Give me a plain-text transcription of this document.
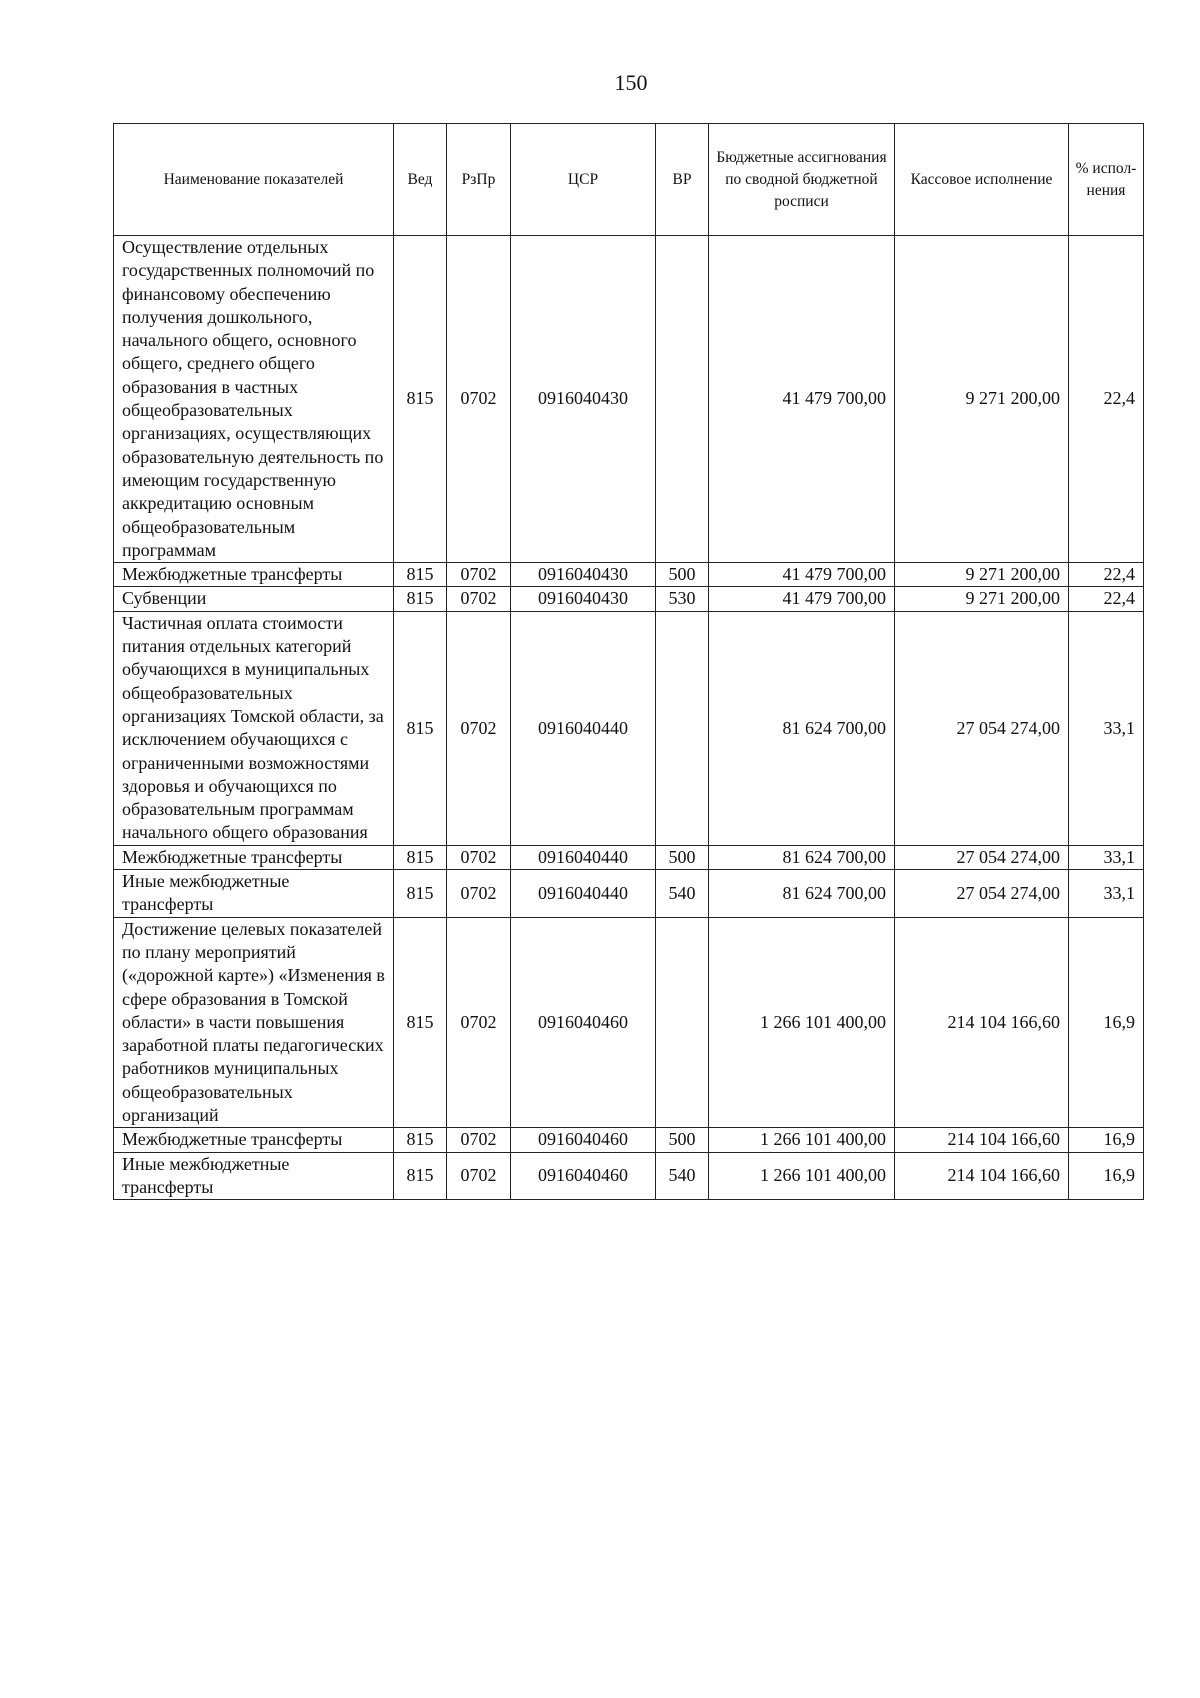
150
Наименование показателей	Вед	РзПр	ЦСР	ВР	Бюджетные ассигнования по сводной бюджетной росписи	Кассовое исполнение	% испол-нения
Осуществление отдельных государственных полномочий по финансовому обеспечению получения дошкольного, начального общего, основного общего, среднего общего образования в частных общеобразовательных организациях, осуществляющих образовательную деятельность по имеющим государственную аккредитацию основным общеобразовательным программам	815	0702	0916040430		41 479 700,00	9 271 200,00	22,4
Межбюджетные трансферты	815	0702	0916040430	500	41 479 700,00	9 271 200,00	22,4
Субвенции	815	0702	0916040430	530	41 479 700,00	9 271 200,00	22,4
Частичная оплата стоимости питания отдельных категорий обучающихся в муниципальных общеобразовательных организациях Томской области, за исключением обучающихся с ограниченными возможностями здоровья и обучающихся по образовательным программам начального общего образования	815	0702	0916040440		81 624 700,00	27 054 274,00	33,1
Межбюджетные трансферты	815	0702	0916040440	500	81 624 700,00	27 054 274,00	33,1
Иные межбюджетные трансферты	815	0702	0916040440	540	81 624 700,00	27 054 274,00	33,1
Достижение целевых показателей по плану мероприятий («дорожной карте») «Изменения в сфере образования в Томской области» в части повышения заработной платы педагогических работников муниципальных общеобразовательных организаций	815	0702	0916040460		1 266 101 400,00	214 104 166,60	16,9
Межбюджетные трансферты	815	0702	0916040460	500	1 266 101 400,00	214 104 166,60	16,9
Иные межбюджетные трансферты	815	0702	0916040460	540	1 266 101 400,00	214 104 166,60	16,9
